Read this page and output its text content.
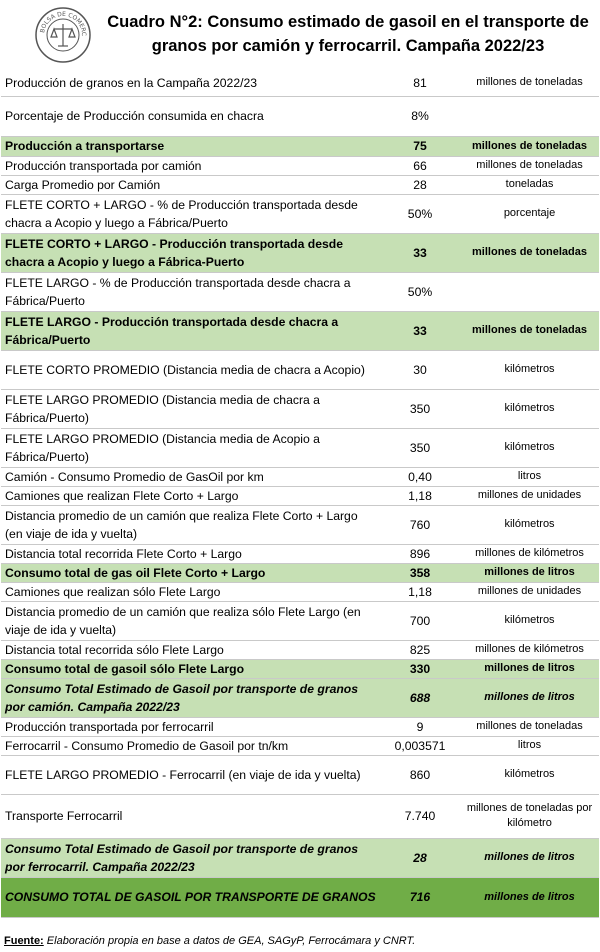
BOLSA DE COMERC
Cuadro N°2: Consumo estimado de gasoil en el transporte de granos por camión y ferrocarril. Campaña 2022/23
Producción de granos en la Campaña 2022/23	81	millones de toneladas
Porcentaje de Producción consumida en chacra	8%	
Producción a transportarse	75	millones de toneladas
Producción transportada por camión	66	millones de toneladas
Carga Promedio por Camión	28	toneladas
FLETE CORTO + LARGO - % de Producción transportada desde chacra a Acopio y luego a Fábrica/Puerto	50%	porcentaje
FLETE CORTO + LARGO - Producción transportada desde chacra a Acopio y luego a Fábrica-Puerto	33	millones de toneladas
FLETE LARGO - % de Producción transportada desde chacra a Fábrica/Puerto	50%	
FLETE LARGO - Producción transportada desde chacra a Fábrica/Puerto	33	millones de toneladas
FLETE CORTO PROMEDIO (Distancia media de chacra a Acopio)	30	kilómetros
FLETE LARGO PROMEDIO (Distancia media de chacra a Fábrica/Puerto)	350	kilómetros
FLETE LARGO PROMEDIO (Distancia media de Acopio a Fábrica/Puerto)	350	kilómetros
Camión - Consumo Promedio de GasOil por km	0,40	litros
Camiones que realizan Flete Corto + Largo	1,18	millones de unidades
Distancia promedio de un camión que realiza Flete Corto + Largo (en viaje de ida y vuelta)	760	kilómetros
Distancia total recorrida Flete Corto + Largo	896	millones de kilómetros
Consumo total de gas oil Flete Corto + Largo	358	millones de litros
Camiones que realizan sólo Flete Largo	1,18	millones de unidades
Distancia promedio de un camión que realiza sólo Flete Largo (en viaje de ida y vuelta)	700	kilómetros
Distancia total recorrida sólo Flete Largo	825	millones de kilómetros
Consumo total de gasoil sólo Flete Largo	330	millones de litros
Consumo Total Estimado de Gasoil por transporte de granos por camión. Campaña 2022/23	688	millones de litros
Producción transportada por ferrocarril	9	millones de toneladas
Ferrocarril - Consumo Promedio de Gasoil por tn/km	0,003571	litros
FLETE LARGO PROMEDIO - Ferrocarril (en viaje de ida y vuelta)	860	kilómetros
Transporte Ferrocarril	7.740	millones de toneladas por kilómetro
Consumo Total Estimado de Gasoil por transporte de granos por ferrocarril. Campaña 2022/23	28	millones de litros
CONSUMO TOTAL DE GASOIL POR TRANSPORTE DE GRANOS	716	millones de litros
Fuente: Elaboración propia en base a datos de GEA, SAGyP, Ferrocámara y CNRT.
